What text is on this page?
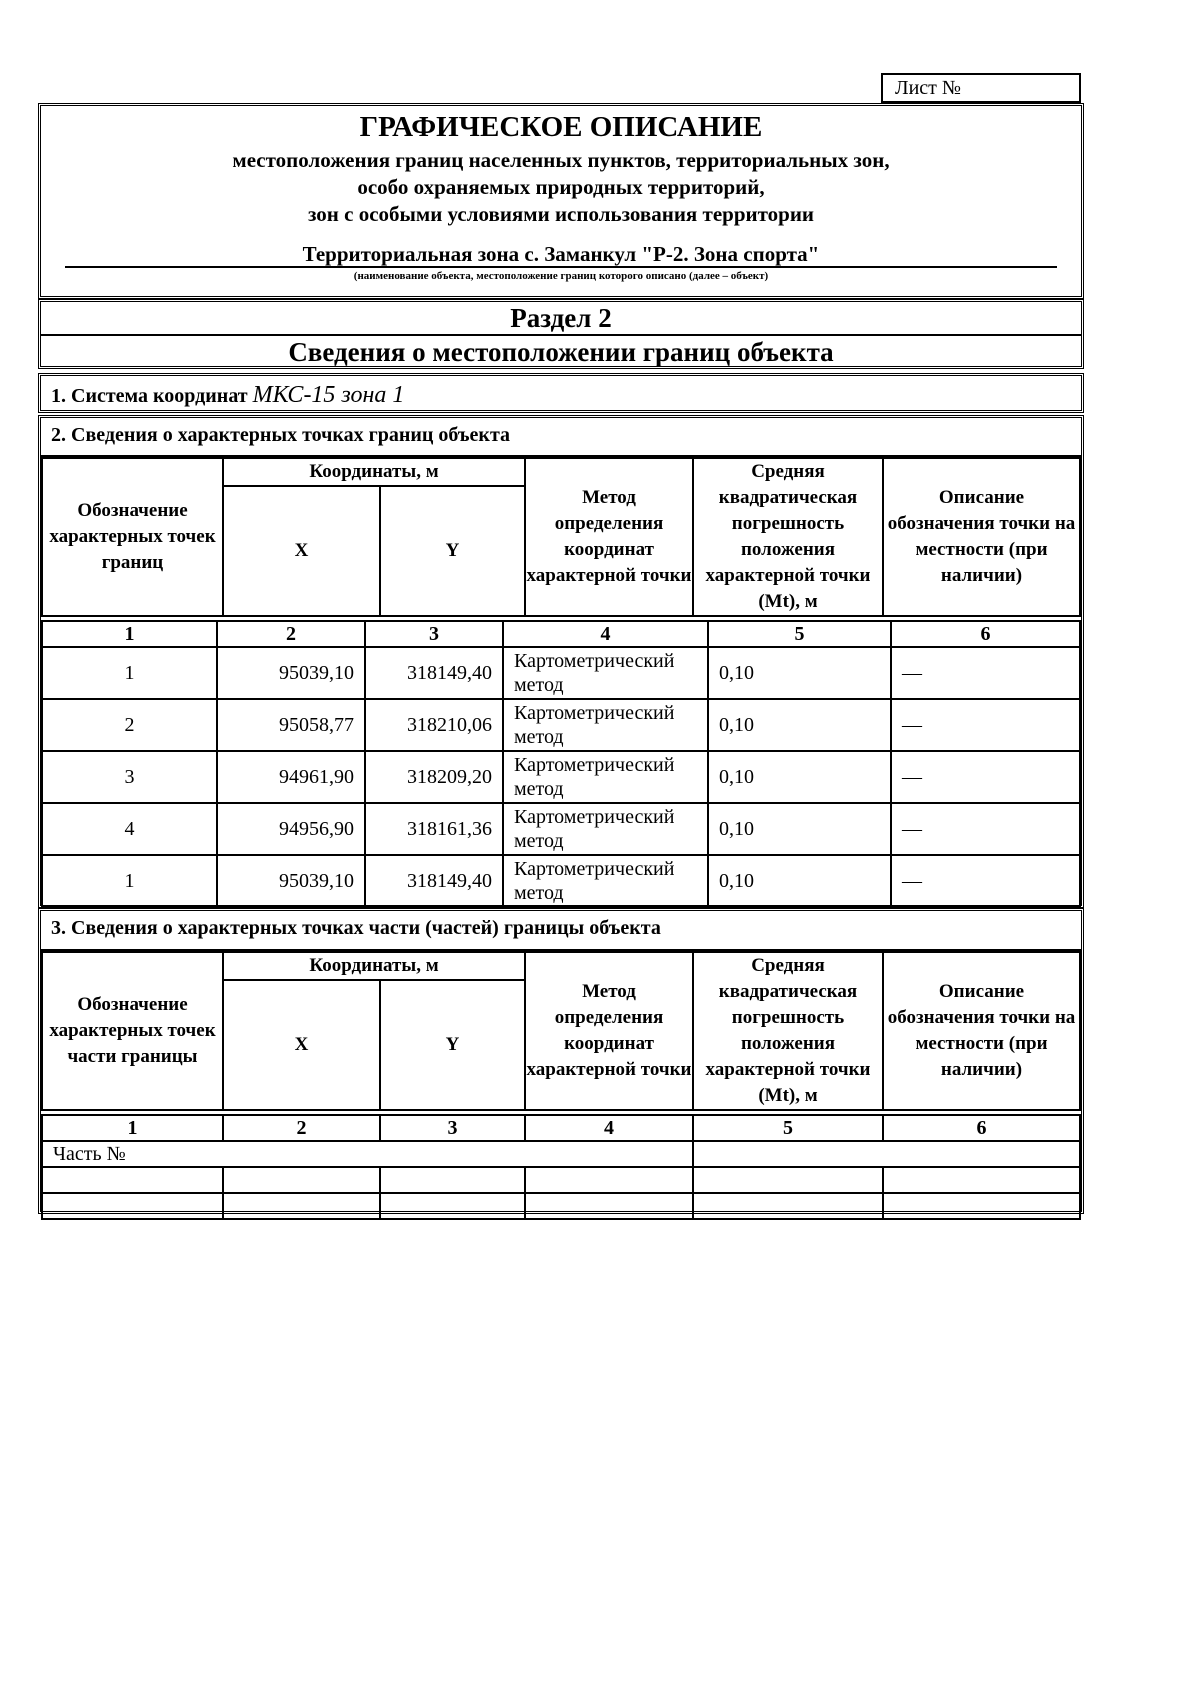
Лист №
ГРАФИЧЕСКОЕ ОПИСАНИЕ
местоположения границ населенных пунктов, территориальных зон,
особо охраняемых природных территорий,
зон с особыми условиями использования территории
Территориальная зона с. Заманкул "Р-2. Зона спорта"
(наименование объекта, местоположение границ которого описано (далее – объект)
Раздел 2
Сведения о местоположении границ объекта
1. Система координат МКС-15 зона 1
2. Сведения о характерных точках границ объекта
Обозначение характерных точек границ	Координаты, м		Метод определения координат характерной точки	Средняя квадратическая погрешность положения характерной точки (Mt), м	Описание обозначения точки на местности (при наличии)
	X	Y			
1	2	3	4	5	6
1	95039,10	318149,40	Картометрический метод	0,10	—
2	95058,77	318210,06	Картометрический метод	0,10	—
3	94961,90	318209,20	Картометрический метод	0,10	—
4	94956,90	318161,36	Картометрический метод	0,10	—
1	95039,10	318149,40	Картометрический метод	0,10	—
3. Сведения о характерных точках части (частей) границы объекта
Обозначение характерных точек части границы	Координаты, м		Метод определения координат характерной точки	Средняя квадратическая погрешность положения характерной точки (Mt), м	Описание обозначения точки на местности (при наличии)
	X	Y			
1	2	3	4	5	6
Часть №					
